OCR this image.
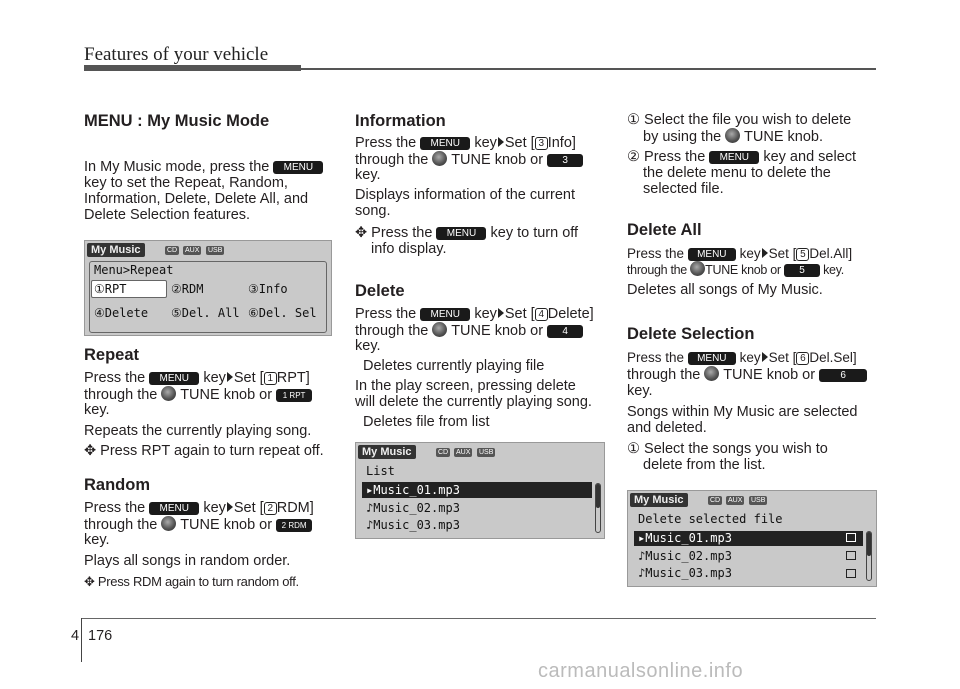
Features of your vehicle
MENU : My Music Mode
In My Music mode, press the MENU
key to set the Repeat, Random,
Information, Delete, Delete All, and
Delete Selection features.
My Music	CD AUX USB
Menu>Repeat
①RPT	②RDM	③Info
④Delete ⑤Del. All ⑥Del. Sel
Repeat
Press the MENU key Set [ 1 RPT]
through the TUNE knob or 1 RPT
key.
Repeats the currently playing song.
✥ Press RPT again to turn repeat off.
Random
Press the MENU key Set [ 2 RDM]
through the TUNE knob or 2 RDM
key.
Plays all songs in random order.
✥ Press RDM again to turn random off.
Information
Press the MENU key Set [ 3 Info]
through the TUNE knob or 3
key.
Displays information of the current
song.
✥ Press the MENU key to turn off
info display.
Delete
Press the MENU key Set [ 4 Delete]
through the TUNE knob or 4
key.
Deletes currently playing file
In the play screen, pressing delete
will delete the currently playing song.
Deletes file from list
My Music	CD AUX USB
List
▸Music_01.mp3
♪Music_02.mp3
♪Music_03.mp3
① Select the file you wish to delete
by using the TUNE knob.
② Press the MENU key and select
the delete menu to delete the
selected file.
Delete All
Press the MENU key Set [ 5 Del.All]
through the TUNE knob or 5 key.
Deletes all songs of My Music.
Delete Selection
Press the MENU key Set [ 6 Del.Sel]
through the TUNE knob or	6
key.
Songs within My Music are selected
and deleted.
① Select the songs you wish to
delete from the list.
My Music	CD AUX USB
Delete selected file
▸Music_01.mp3
♪Music_02.mp3
♪Music_03.mp3
4 176
carmanualsonline.info
